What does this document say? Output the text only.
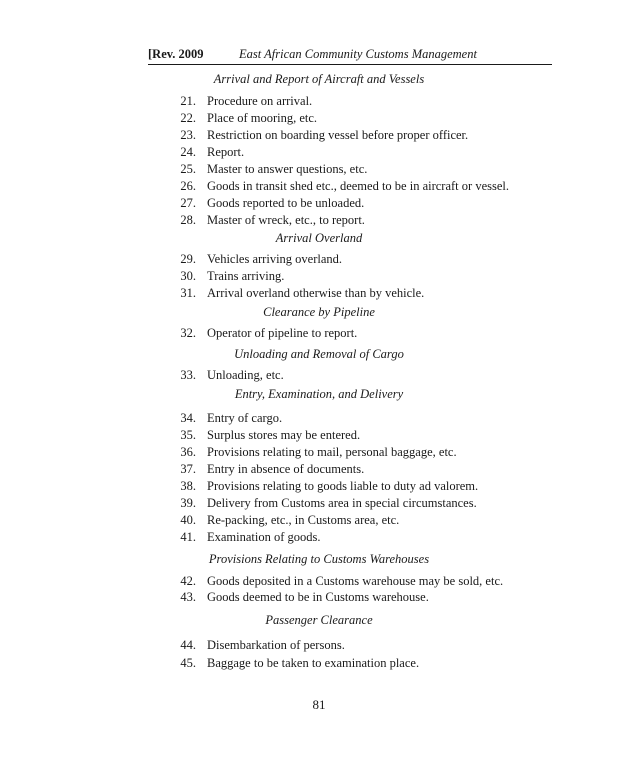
[Rev. 2009	East African Community Customs Management
Arrival and Report of Aircraft and Vessels
21. Procedure on arrival.
22. Place of mooring, etc.
23. Restriction on boarding vessel before proper officer.
24. Report.
25. Master to answer questions, etc.
26. Goods in transit shed etc., deemed to be in aircraft or vessel.
27. Goods reported to be unloaded.
28. Master of wreck, etc., to report.
Arrival Overland
29. Vehicles arriving overland.
30. Trains arriving.
31. Arrival overland otherwise than by vehicle.
Clearance by Pipeline
32. Operator of pipeline to report.
Unloading and Removal of Cargo
33. Unloading, etc.
Entry, Examination, and Delivery
34. Entry of cargo.
35. Surplus stores may be entered.
36. Provisions relating to mail, personal baggage, etc.
37. Entry in absence of documents.
38. Provisions relating to goods liable to duty ad valorem.
39. Delivery from Customs area in special circumstances.
40. Re-packing, etc., in Customs area, etc.
41. Examination of goods.
Provisions Relating to Customs Warehouses
42. Goods deposited in a Customs warehouse may be sold, etc.
43. Goods deemed to be in Customs warehouse.
Passenger Clearance
44. Disembarkation of persons.
45. Baggage to be taken to examination place.
81
